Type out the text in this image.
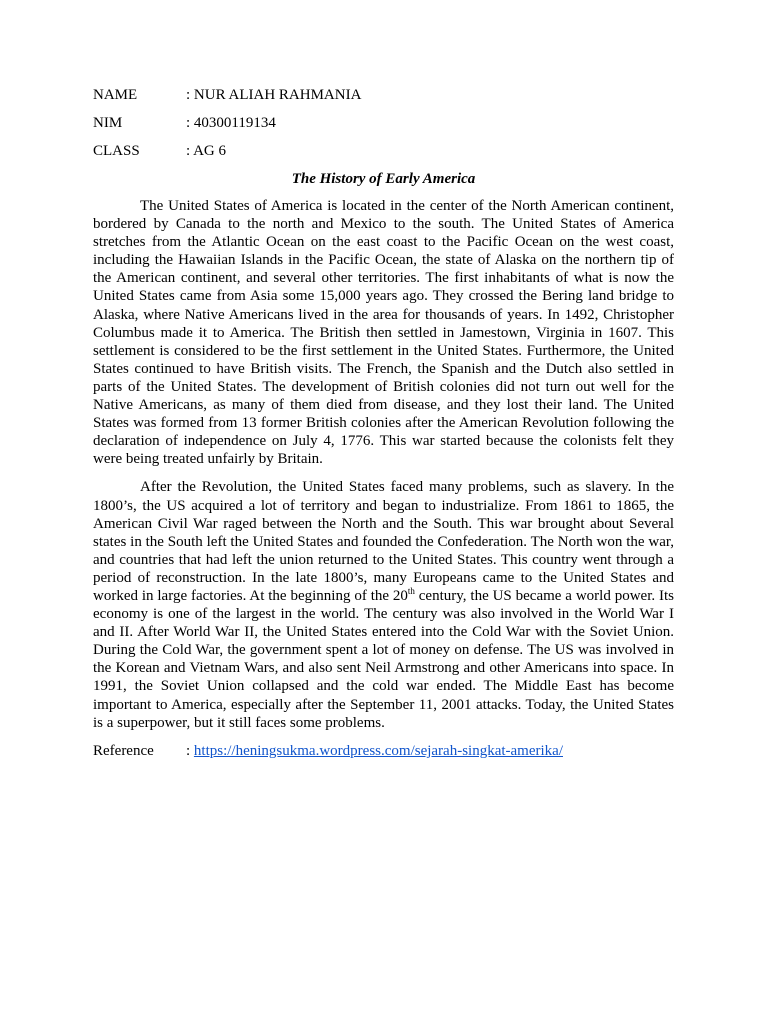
NAME	: NUR ALIAH RAHMANIA
NIM	: 40300119134
CLASS	: AG 6
The History of Early America

The United States of America is located in the center of the North American continent, bordered by Canada to the north and Mexico to the south. The United States of America stretches from the Atlantic Ocean on the east coast to the Pacific Ocean on the west coast, including the Hawaiian Islands in the Pacific Ocean, the state of Alaska on the northern tip of the American continent, and several other territories. The first inhabitants of what is now the United States came from Asia some 15,000 years ago. They crossed the Bering land bridge to Alaska, where Native Americans lived in the area for thousands of years. In 1492, Christopher Columbus made it to America. The British then settled in Jamestown, Virginia in 1607. This settlement is considered to be the first settlement in the United States. Furthermore, the United States continued to have British visits. The French, the Spanish and the Dutch also settled in parts of the United States. The development of British colonies did not turn out well for the Native Americans, as many of them died from disease, and they lost their land. The United States was formed from 13 former British colonies after the American Revolution following the declaration of independence on July 4, 1776. This war started because the colonists felt they were being treated unfairly by Britain.

After the Revolution, the United States faced many problems, such as slavery. In the 1800’s, the US acquired a lot of territory and began to industrialize. From 1861 to 1865, the American Civil War raged between the North and the South. This war brought about Several states in the South left the United States and founded the Confederation. The North won the war, and countries that had left the union returned to the United States. This country went through a period of reconstruction. In the late 1800’s, many Europeans came to the United States and worked in large factories. At the beginning of the 20th century, the US became a world power. Its economy is one of the largest in the world. The century was also involved in the World War I and II. After World War II, the United States entered into the Cold War with the Soviet Union. During the Cold War, the government spent a lot of money on defense. The US was involved in the Korean and Vietnam Wars, and also sent Neil Armstrong and other Americans into space. In 1991, the Soviet Union collapsed and the cold war ended. The Middle East has become important to America, especially after the September 11, 2001 attacks. Today, the United States is a superpower, but it still faces some problems.

Reference	: https://heningsukma.wordpress.com/sejarah-singkat-amerika/
